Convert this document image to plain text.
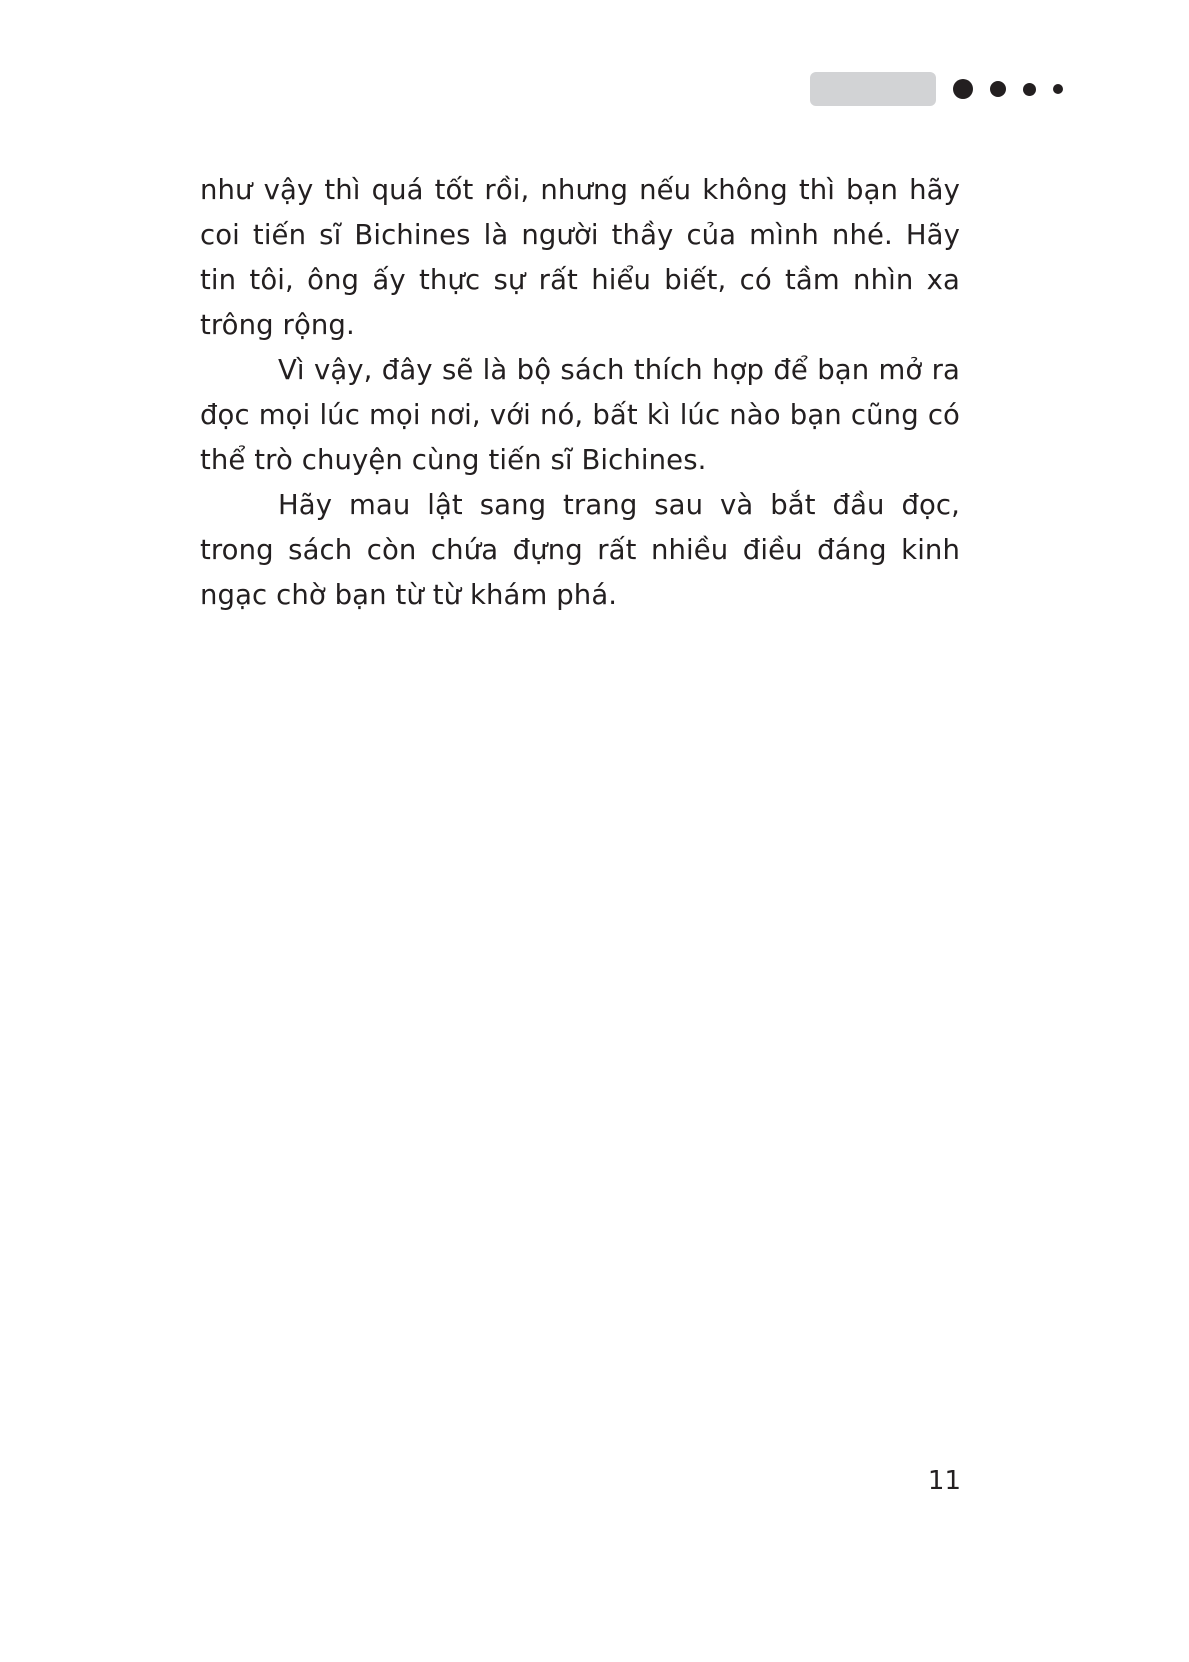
như vậy thì quá tốt rồi, nhưng nếu không thì bạn hãy coi tiến sĩ Bichines là người thầy của mình nhé. Hãy tin tôi, ông ấy thực sự rất hiểu biết, có tầm nhìn xa trông rộng.

Vì vậy, đây sẽ là bộ sách thích hợp để bạn mở ra đọc mọi lúc mọi nơi, với nó, bất kì lúc nào bạn cũng có thể trò chuyện cùng tiến sĩ Bichines.

Hãy mau lật sang trang sau và bắt đầu đọc, trong sách còn chứa đựng rất nhiều điều đáng kinh ngạc chờ bạn từ từ khám phá.

11
